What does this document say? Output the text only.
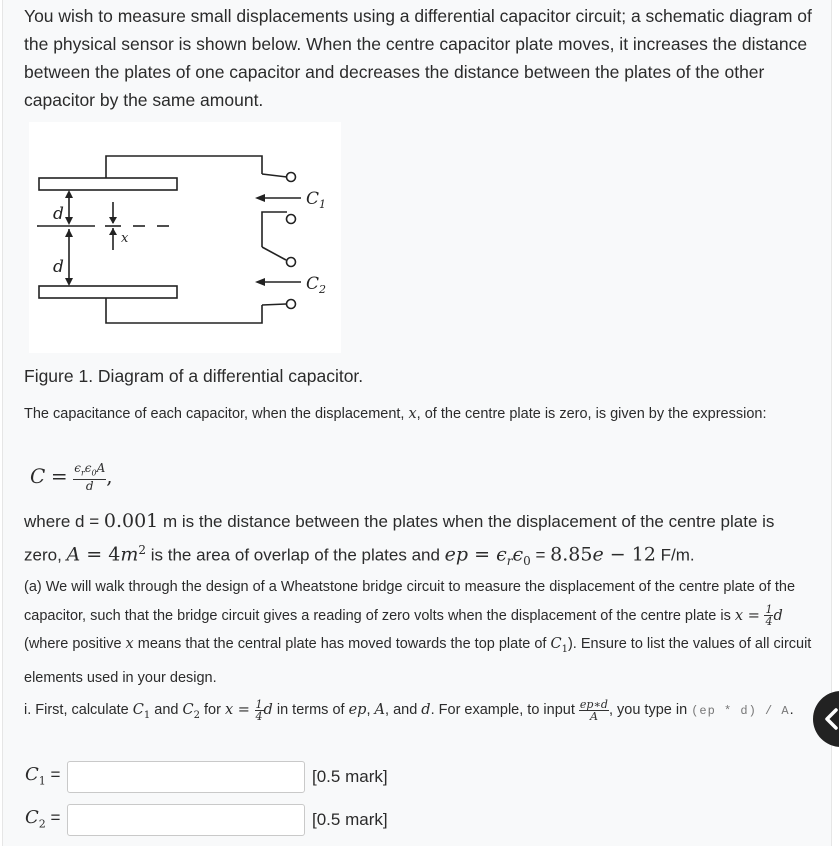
You wish to measure small displacements using a differential capacitor circuit; a schematic diagram of the physical sensor is shown below. When the centre capacitor plate moves, it increases the distance between the plates of one capacitor and decreases the distance between the plates of the other capacitor by the same amount.

$C_1$
$C_2$
d
d
x

Figure 1. Diagram of a differential capacitor.

The capacitance of each capacitor, when the displacement, x, of the centre plate is zero, is given by the expression:

$C = \frac{\epsilon_r\epsilon_0A}{d}$ ,

where d = 0.001 m is the distance between the plates when the displacement of the centre plate is zero, $A = 4m^2$ is the area of overlap of the plates and ep = $\epsilon_r\epsilon_0 = 8.85e - 12$ F/m.

(a) We will walk through the design of a Wheatstone bridge circuit to measure the displacement of the centre plate of the capacitor, such that the bridge circuit gives a reading of zero volts when the displacement of the centre plate is $x = \frac{1}{4}$ d (where positive x means that the central plate has moved towards the top plate of $C_1$). Ensure to list the values of all circuit elements used in your design.

i. First, calculate $C_1$ and $C_2$ for $x = \frac{1}{4}$ d in terms of ep, A, and d. For example, to input $\frac{ep∗d}{A}$ , you type in (ep * d) / A.

$C_1$ =	[0.5 mark]
$C_2$ =	[0.5 mark]
